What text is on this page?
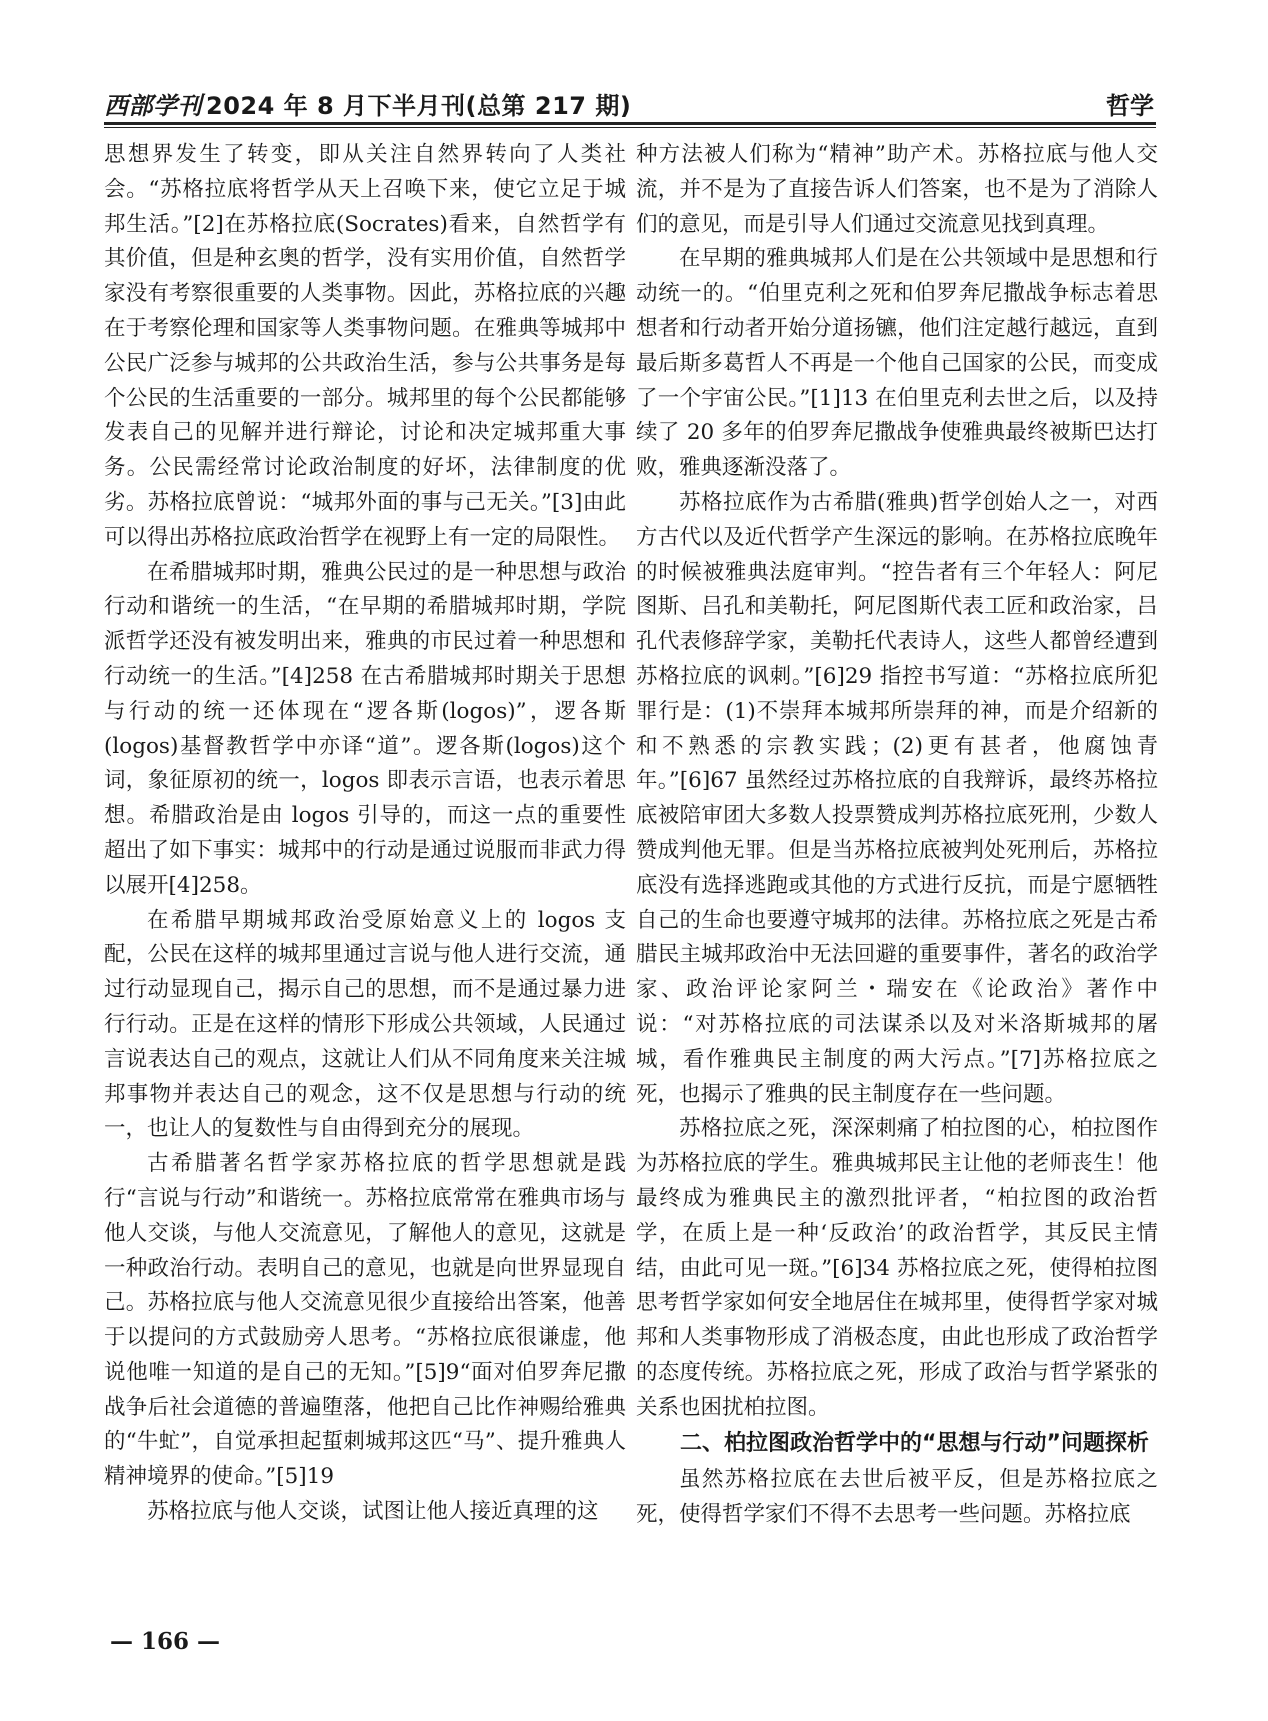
西部学刊 2024 年 8 月下半月刊(总第 217 期)	哲学

思想界发生了转变，即从关注自然界转向了人类社会。“苏格拉底将哲学从天上召唤下来，使它立足于城邦生活。”[2]在苏格拉底(Socrates)看来，自然哲学有其价值，但是种玄奥的哲学，没有实用价值，自然哲学家没有考察很重要的人类事物。因此，苏格拉底的兴趣在于考察伦理和国家等人类事物问题。在雅典等城邦中公民广泛参与城邦的公共政治生活，参与公共事务是每个公民的生活重要的一部分。城邦里的每个公民都能够发表自己的见解并进行辩论，讨论和决定城邦重大事务。公民需经常讨论政治制度的好坏，法律制度的优劣。苏格拉底曾说：“城邦外面的事与己无关。”[3]由此可以得出苏格拉底政治哲学在视野上有一定的局限性。

在希腊城邦时期，雅典公民过的是一种思想与政治行动和谐统一的生活，“在早期的希腊城邦时期，学院派哲学还没有被发明出来，雅典的市民过着一种思想和行动统一的生活。”[4]258 在古希腊城邦时期关于思想与行动的统一还体现在“逻各斯(logos)”，逻各斯(logos)基督教哲学中亦译“道”。逻各斯(logos)这个词，象征原初的统一，logos 即表示言语，也表示着思想。希腊政治是由 logos 引导的，而这一点的重要性超出了如下事实：城邦中的行动是通过说服而非武力得以展开[4]258。

在希腊早期城邦政治受原始意义上的 logos 支配，公民在这样的城邦里通过言说与他人进行交流，通过行动显现自己，揭示自己的思想，而不是通过暴力进行行动。正是在这样的情形下形成公共领域，人民通过言说表达自己的观点，这就让人们从不同角度来关注城邦事物并表达自己的观念，这不仅是思想与行动的统一，也让人的复数性与自由得到充分的展现。

古希腊著名哲学家苏格拉底的哲学思想就是践行“言说与行动”和谐统一。苏格拉底常常在雅典市场与他人交谈，与他人交流意见，了解他人的意见，这就是一种政治行动。表明自己的意见，也就是向世界显现自己。苏格拉底与他人交流意见很少直接给出答案，他善于以提问的方式鼓励旁人思考。“苏格拉底很谦虚，他说他唯一知道的是自己的无知。”[5]9“面对伯罗奔尼撒战争后社会道德的普遍堕落，他把自己比作神赐给雅典的“牛虻”，自觉承担起蜇刺城邦这匹“马”、提升雅典人精神境界的使命。”[5]19

苏格拉底与他人交谈，试图让他人接近真理的这

种方法被人们称为“精神”助产术。苏格拉底与他人交流，并不是为了直接告诉人们答案，也不是为了消除人们的意见，而是引导人们通过交流意见找到真理。

在早期的雅典城邦人们是在公共领域中是思想和行动统一的。“伯里克利之死和伯罗奔尼撒战争标志着思想者和行动者开始分道扬镳，他们注定越行越远，直到最后斯多葛哲人不再是一个他自己国家的公民，而变成了一个宇宙公民。”[1]13 在伯里克利去世之后，以及持续了 20 多年的伯罗奔尼撒战争使雅典最终被斯巴达打败，雅典逐渐没落了。

苏格拉底作为古希腊(雅典)哲学创始人之一，对西方古代以及近代哲学产生深远的影响。在苏格拉底晚年的时候被雅典法庭审判。“控告者有三个年轻人：阿尼图斯、吕孔和美勒托，阿尼图斯代表工匠和政治家，吕孔代表修辞学家，美勒托代表诗人，这些人都曾经遭到苏格拉底的讽刺。”[6]29 指控书写道：“苏格拉底所犯罪行是：(1)不崇拜本城邦所崇拜的神，而是介绍新的和不熟悉的宗教实践；(2)更有甚者，他腐蚀青年。”[6]67 虽然经过苏格拉底的自我辩诉，最终苏格拉底被陪审团大多数人投票赞成判苏格拉底死刑，少数人赞成判他无罪。但是当苏格拉底被判处死刑后，苏格拉底没有选择逃跑或其他的方式进行反抗，而是宁愿牺牲自己的生命也要遵守城邦的法律。苏格拉底之死是古希腊民主城邦政治中无法回避的重要事件，著名的政治学家、政治评论家阿兰・瑞安在《论政治》著作中说：“对苏格拉底的司法谋杀以及对米洛斯城邦的屠城，看作雅典民主制度的两大污点。”[7]苏格拉底之死，也揭示了雅典的民主制度存在一些问题。

苏格拉底之死，深深刺痛了柏拉图的心，柏拉图作为苏格拉底的学生。雅典城邦民主让他的老师丧生！他最终成为雅典民主的激烈批评者，“柏拉图的政治哲学，在质上是一种‘反政治’的政治哲学，其反民主情结，由此可见一斑。”[6]34 苏格拉底之死，使得柏拉图思考哲学家如何安全地居住在城邦里，使得哲学家对城邦和人类事物形成了消极态度，由此也形成了政治哲学的态度传统。苏格拉底之死，形成了政治与哲学紧张的关系也困扰柏拉图。

二、柏拉图政治哲学中的“思想与行动”问题探析

虽然苏格拉底在去世后被平反，但是苏格拉底之死，使得哲学家们不得不去思考一些问题。苏格拉底

— 166 —
